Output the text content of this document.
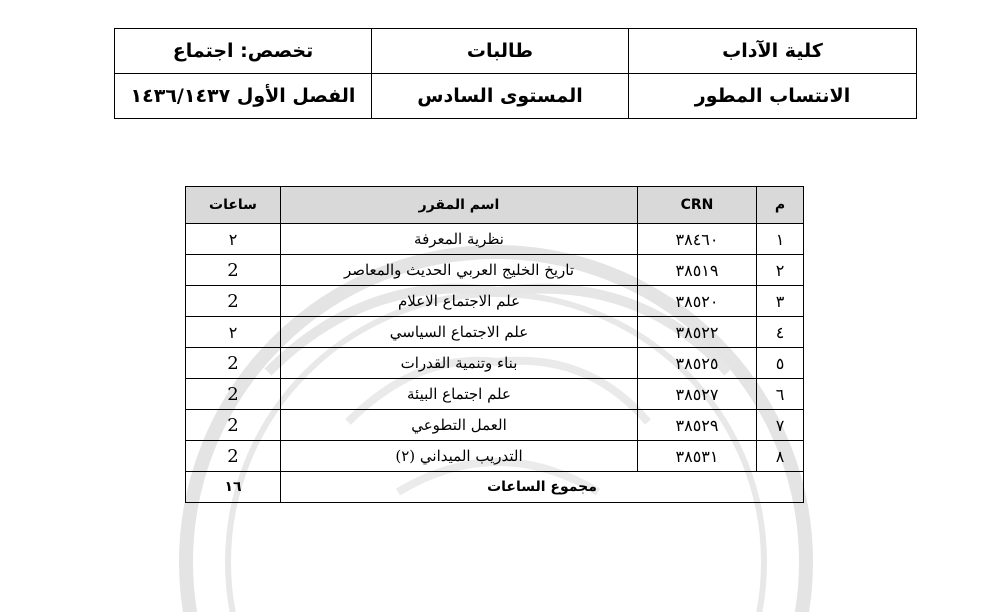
كلية الآداب	طالبات	تخصص: اجتماع
الانتساب المطور	المستوى السادس	الفصل الأول ١٤٣٦/١٤٣٧
م	CRN	اسم المقرر	ساعات
١	٣٨٤٦٠	نظرية المعرفة	٢
٢	٣٨٥١٩	تاريخ الخليج العربي الحديث والمعاصر	2
٣	٣٨٥٢٠	علم الاجتماع الاعلام	2
٤	٣٨٥٢٢	علم الاجتماع السياسي	٢
٥	٣٨٥٢٥	بناء وتنمية القدرات	2
٦	٣٨٥٢٧	علم اجتماع البيئة	2
٧	٣٨٥٢٩	العمل التطوعي	2
٨	٣٨٥٣١	التدريب الميداني (٢)	2
مجموع الساعات			١٦
